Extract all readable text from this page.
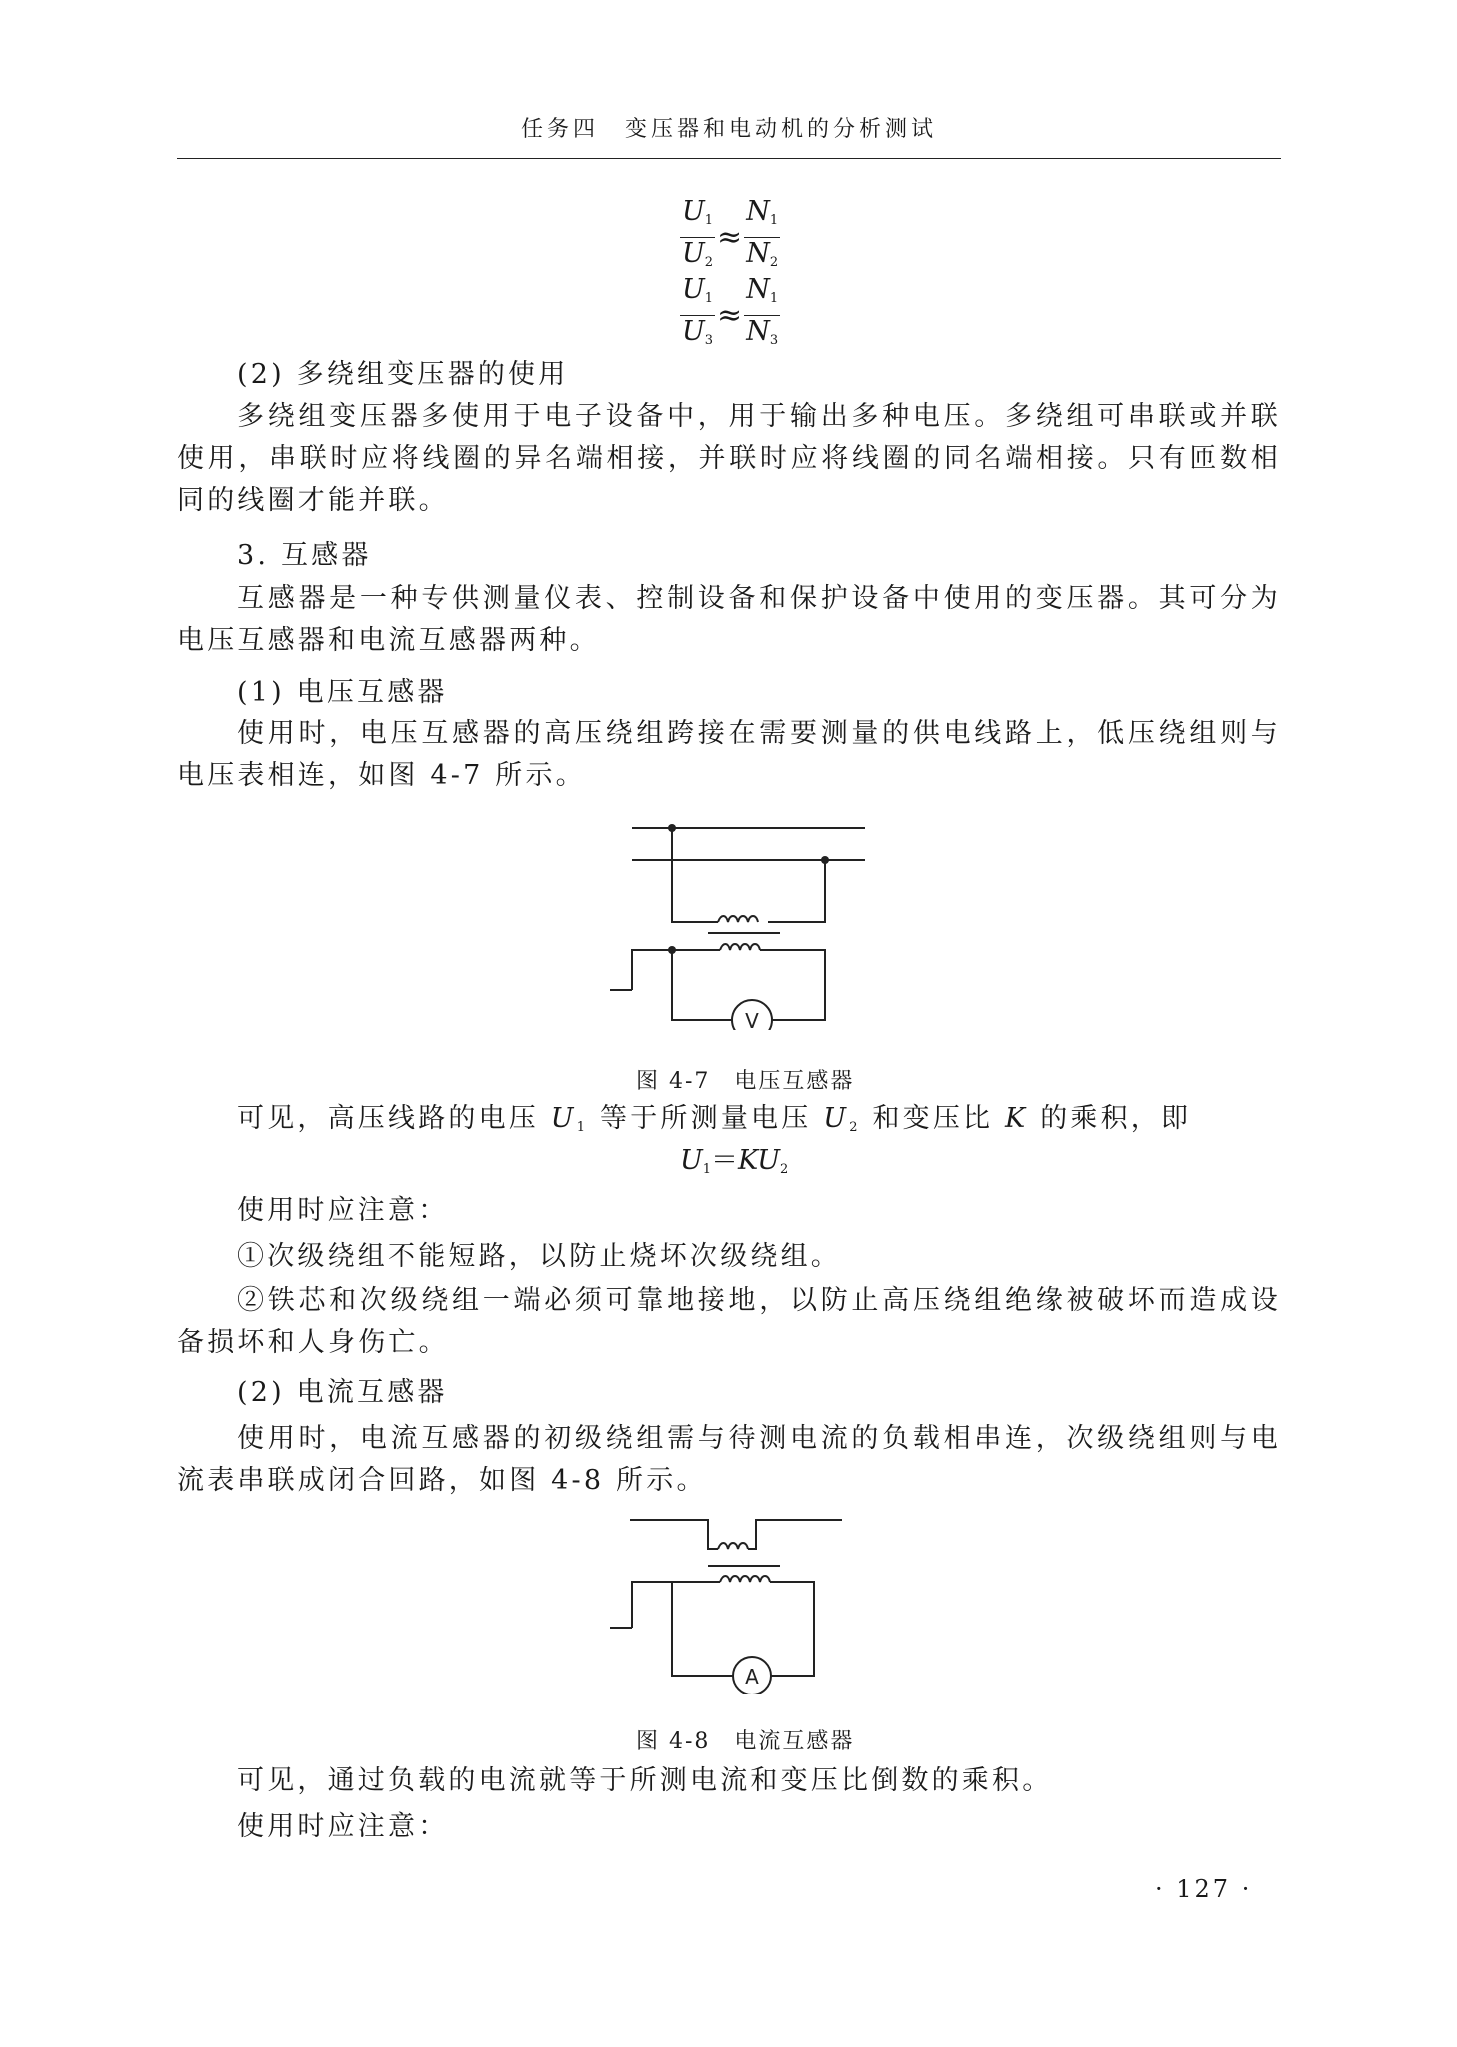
任务四　变压器和电动机的分析测试
$\frac{U_1}{U_2} \approx \frac{N_1}{N_2}$
$\frac{U_1}{U_3} \approx \frac{N_1}{N_3}$
(2) 多绕组变压器的使用
多绕组变压器多使用于电子设备中，用于输出多种电压。多绕组可串联或并联使用，串联时应将线圈的异名端相接，并联时应将线圈的同名端相接。只有匝数相同的线圈才能并联。
3. 互感器
互感器是一种专供测量仪表、控制设备和保护设备中使用的变压器。其可分为电压互感器和电流互感器两种。
(1) 电压互感器
使用时，电压互感器的高压绕组跨接在需要测量的供电线路上，低压绕组则与电压表相连，如图 4-7 所示。
V
图 4-7　电压互感器
可见，高压线路的电压 $U_1$ 等于所测量电压 $U_2$ 和变压比 K 的乘积，即
$U_1=KU_2$
使用时应注意：
①次级绕组不能短路，以防止烧坏次级绕组。
②铁芯和次级绕组一端必须可靠地接地，以防止高压绕组绝缘被破坏而造成设备损坏和人身伤亡。
(2) 电流互感器
使用时，电流互感器的初级绕组需与待测电流的负载相串连，次级绕组则与电流表串联成闭合回路，如图 4-8 所示。
A
图 4-8　电流互感器
可见，通过负载的电流就等于所测电流和变压比倒数的乘积。
使用时应注意：
· 127 ·
